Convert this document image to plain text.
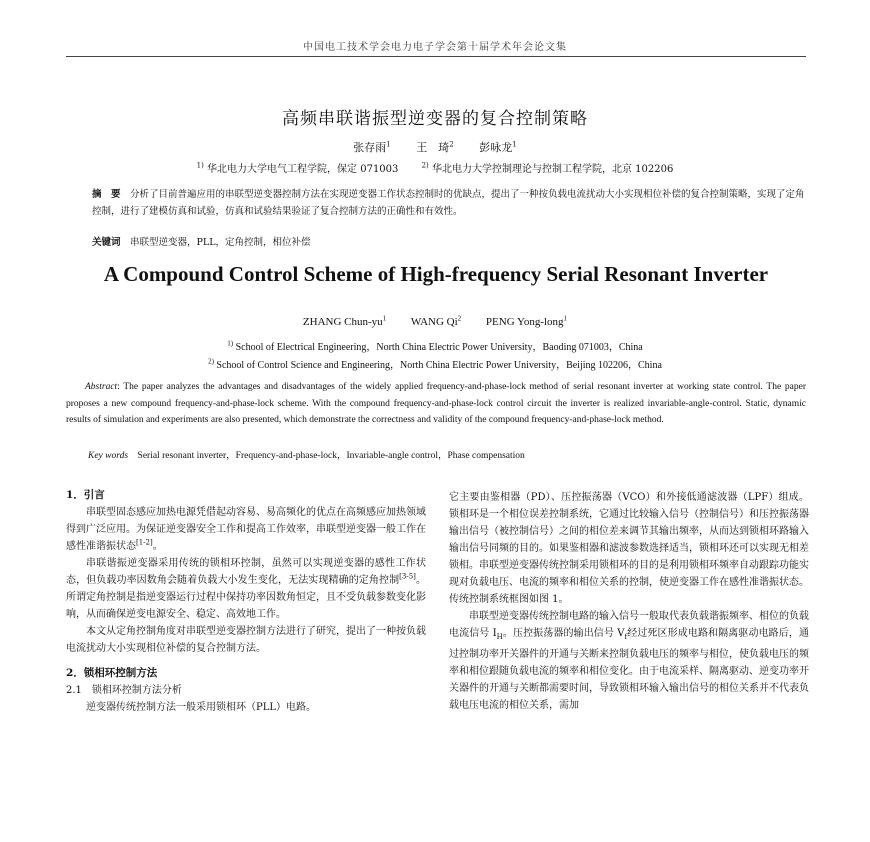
中国电工技术学会电力电子学会第十届学术年会论文集
高频串联谐振型逆变器的复合控制策略
张存雨$^1$    王　琦$^2$    彭咏龙$^1$
$^{1)}$ 华北电力大学电气工程学院，保定 071003   	$^{2)}$ 华北电力大学控制理论与控制工程学院，北京 102206
摘　要  分析了目前普遍应用的串联型逆变器控制方法在实现逆变器工作状态控制时的优缺点，提出了一种按负载电流扰动大小实现相位补偿的复合控制策略，实现了定角控制，进行了建模仿真和试验，仿真和试验结果验证了复合控制方法的正确性和有效性。
关键词  串联型逆变器，PLL，定角控制，相位补偿
A Compound Control Scheme of High-frequency Serial Resonant Inverter
ZHANG Chun-$yu^1$    WANG Qi$^2$    PENG Yong-long$^1$
$^{1)}$ School of Electrical Engineering，North China Electric Power University，Baoding 071003，China
$^{2)}$ School of Control Science and Engineering，North China Electric Power University，Beijing 102206，China
  Abstract: The paper analyzes the advantages and disadvantages of the widely applied frequency-and-phase-lock method of serial resonant inverter at working state control. The paper proposes a new compound frequency-and-phase-lock scheme. With the compound frequency-and-phase-lock control circuit the inverter is realized invariable-angle-control. Static, dynamic results of simulation and experiments are also presented, which demonstrate the correctness and validity of the compound frequency-and-phase-lock method.
Key words  Serial resonant inverter，Frequency-and-phase-lock，Invariable-angle control，Phase compensation

1．引言

串联型固态感应加热电源凭借起动容易、易高频化的优点在高频感应加热领域得到广泛应用。为保证逆变器安全工作和提高工作效率，串联型逆变器一般工作在感性准谐振状态[1-2]。

串联谐振逆变器采用传统的锁相环控制，虽然可以实现逆变器的感性工作状态，但负载功率因数角会随着负载大小发生变化，无法实现精确的定角控制[3-5]。所谓定角控制是指逆变器运行过程中保持功率因数角恒定，且不受负载参数变化影响，从而确保逆变电源安全、稳定、高效地工作。

本文从定角控制角度对串联型逆变器控制方法进行了研究，提出了一种按负载电流扰动大小实现相位补偿的复合控制方法。

2．锁相环控制方法

2.1　锁相环控制方法分析

逆变器传统控制方法一般采用锁相环（PLL）电路。

它主要由鉴相器（PD）、压控振荡器（VCO）和外接低通滤波器（LPF）组成。锁相环是一个相位误差控制系统，它通过比较输入信号（控制信号）和压控振荡器输出信号（被控制信号）之间的相位差来调节其输出频率，从而达到锁相环路输入输出信号同频的目的。如果鉴相器和滤波参数选择适当，锁相环还可以实现无相差锁相。串联型逆变器传统控制采用锁相环的目的是利用锁相环频率自动跟踪功能实现对负载电压、电流的频率和相位关系的控制，使逆变器工作在感性准谐振状态。传统控制系统框图如图 1。

串联型逆变器传统控制电路的输入信号一般取代表负载谐振频率、相位的负载电流信号 $I_H$。压控振荡器的输出信号 $V_f$经过死区形成电路和隔离驱动电路后，通过控制功率开关器件的开通与关断来控制负载电压的频率与相位，使负载电压的频率和相位跟随负载电流的频率和相位变化。由于电流采样、隔离驱动、逆变功率开关器件的开通与关断都需要时间，导致锁相环输入输出信号的相位关系并不代表负载电压电流的相位关系，需加
